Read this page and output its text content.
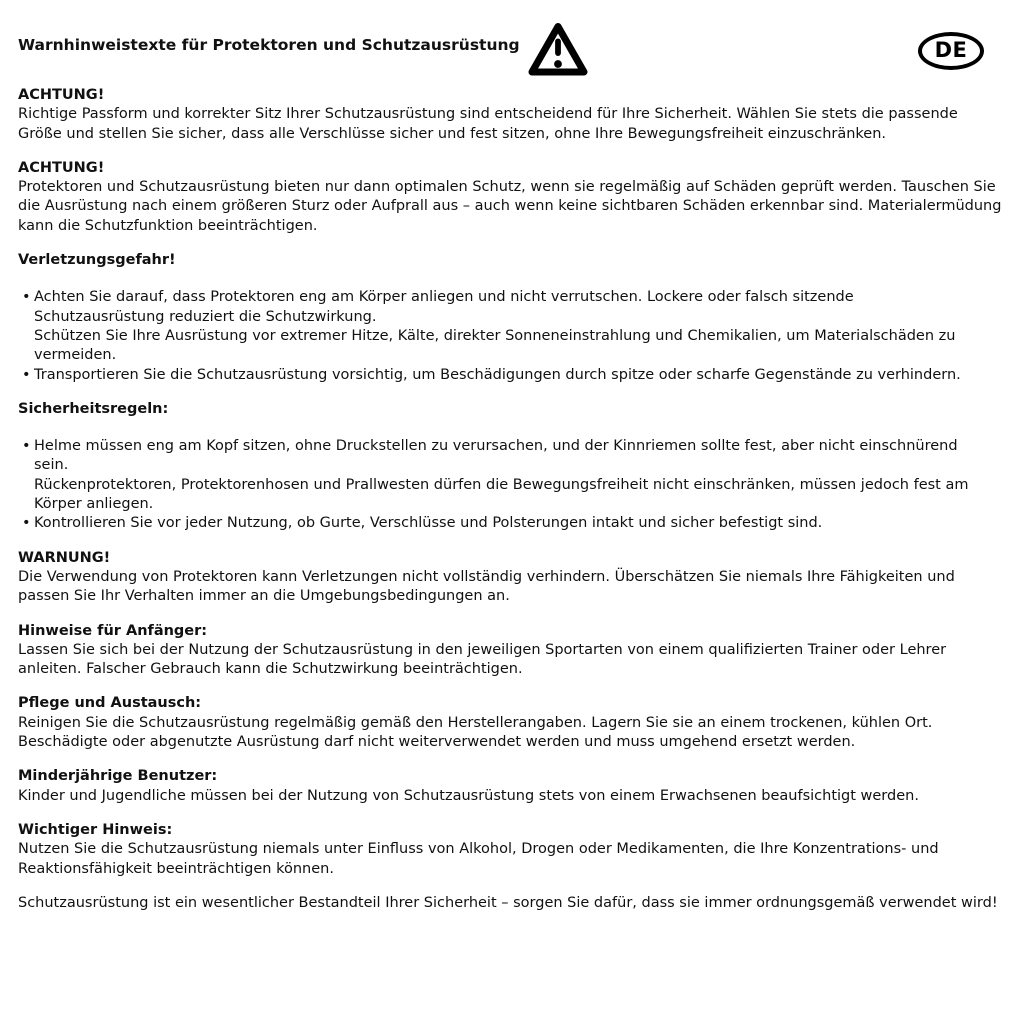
Warnhinweistexte für Protektoren und Schutzausrüstung	DE
ACHTUNG!

Richtige Passform und korrekter Sitz Ihrer Schutzausrüstung sind entscheidend für Ihre Sicherheit. Wählen Sie stets die passende Größe und stellen Sie sicher, dass alle Verschlüsse sicher und fest sitzen, ohne Ihre Bewegungsfreiheit einzuschränken.

ACHTUNG!

Protektoren und Schutzausrüstung bieten nur dann optimalen Schutz, wenn sie regelmäßig auf Schäden geprüft werden. Tauschen Sie die Ausrüstung nach einem größeren Sturz oder Aufprall aus – auch wenn keine sichtbaren Schäden erkennbar sind. Materialermüdung kann die Schutzfunktion beeinträchtigen.

Verletzungsgefahr!
• Achten Sie darauf, dass Protektoren eng am Körper anliegen und nicht verrutschen. Lockere oder falsch sitzende Schutzausrüstung reduziert die Schutzwirkung.
Schützen Sie Ihre Ausrüstung vor extremer Hitze, Kälte, direkter Sonneneinstrahlung und Chemikalien, um Materialschäden zu vermeiden.
• Transportieren Sie die Schutzausrüstung vorsichtig, um Beschädigungen durch spitze oder scharfe Gegenstände zu verhindern.
Sicherheitsregeln:
• Helme müssen eng am Kopf sitzen, ohne Druckstellen zu verursachen, und der Kinnriemen sollte fest, aber nicht einschnürend sein.
Rückenprotektoren, Protektorenhosen und Prallwesten dürfen die Bewegungsfreiheit nicht einschränken, müssen jedoch fest am Körper anliegen.
• Kontrollieren Sie vor jeder Nutzung, ob Gurte, Verschlüsse und Polsterungen intakt und sicher befestigt sind.
WARNUNG!

Die Verwendung von Protektoren kann Verletzungen nicht vollständig verhindern. Überschätzen Sie niemals Ihre Fähigkeiten und passen Sie Ihr Verhalten immer an die Umgebungsbedingungen an.

Hinweise für Anfänger:

Lassen Sie sich bei der Nutzung der Schutzausrüstung in den jeweiligen Sportarten von einem qualifizierten Trainer oder Lehrer anleiten. Falscher Gebrauch kann die Schutzwirkung beeinträchtigen.

Pflege und Austausch:

Reinigen Sie die Schutzausrüstung regelmäßig gemäß den Herstellerangaben. Lagern Sie sie an einem trockenen, kühlen Ort. Beschädigte oder abgenutzte Ausrüstung darf nicht weiterverwendet werden und muss umgehend ersetzt werden.

Minderjährige Benutzer:

Kinder und Jugendliche müssen bei der Nutzung von Schutzausrüstung stets von einem Erwachsenen beaufsichtigt werden.

Wichtiger Hinweis:

Nutzen Sie die Schutzausrüstung niemals unter Einfluss von Alkohol, Drogen oder Medikamenten, die Ihre Konzentrations- und Reaktionsfähigkeit beeinträchtigen können.

Schutzausrüstung ist ein wesentlicher Bestandteil Ihrer Sicherheit – sorgen Sie dafür, dass sie immer ordnungsgemäß verwendet wird!
